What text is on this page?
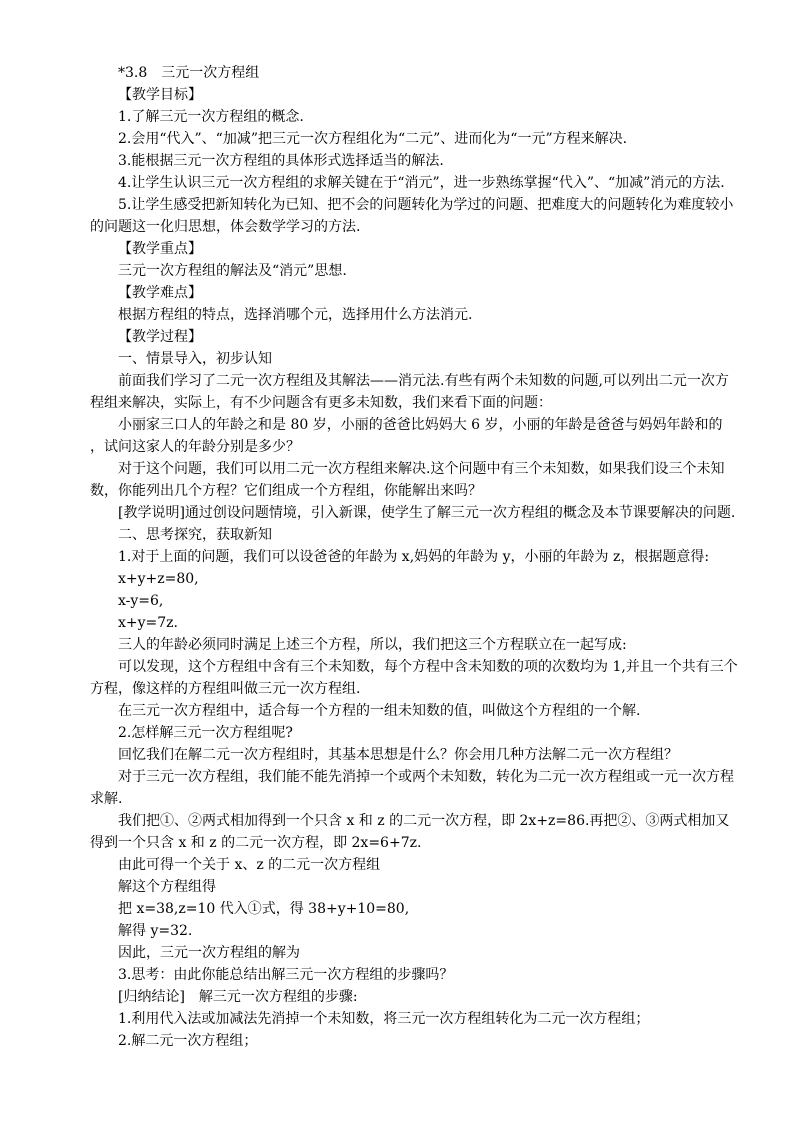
*3.8　三元一次方程组

【教学目标】

1.了解三元一次方程组的概念.

2.会用“代入”、“加减”把三元一次方程组化为“二元”、进而化为“一元”方程来解决.

3.能根据三元一次方程组的具体形式选择适当的解法.

4.让学生认识三元一次方程组的求解关键在于“消元”，进一步熟练掌握“代入”、“加减”消元的方法.

5.让学生感受把新知转化为已知、把不会的问题转化为学过的问题、把难度大的问题转化为难度较小的问题这一化归思想，体会数学学习的方法.

【教学重点】

三元一次方程组的解法及“消元”思想.

【教学难点】

根据方程组的特点，选择消哪个元，选择用什么方法消元.

【教学过程】

一、情景导入，初步认知

前面我们学习了二元一次方程组及其解法——消元法.有些有两个未知数的问题,可以列出二元一次方程组来解决，实际上，有不少问题含有更多未知数，我们来看下面的问题：

小丽家三口人的年龄之和是 80 岁，小丽的爸爸比妈妈大 6 岁，小丽的年龄是爸爸与妈妈年龄和的 ，试问这家人的年龄分别是多少？

对于这个问题，我们可以用二元一次方程组来解决.这个问题中有三个未知数，如果我们设三个未知数，你能列出几个方程？它们组成一个方程组，你能解出来吗？

[教学说明]通过创设问题情境，引入新课，使学生了解三元一次方程组的概念及本节课要解决的问题.

二、思考探究，获取新知

1.对于上面的问题，我们可以设爸爸的年龄为 x,妈妈的年龄为 y，小丽的年龄为 z，根据题意得:

x+y+z=80,

x-y=6,

x+y=7z.

三人的年龄必须同时满足上述三个方程，所以，我们把这三个方程联立在一起写成:

可以发现，这个方程组中含有三个未知数，每个方程中含未知数的项的次数均为 1,并且一个共有三个方程，像这样的方程组叫做三元一次方程组.

在三元一次方程组中，适合每一个方程的一组未知数的值，叫做这个方程组的一个解.

2.怎样解三元一次方程组呢?

回忆我们在解二元一次方程组时，其基本思想是什么？你会用几种方法解二元一次方程组？

对于三元一次方程组，我们能不能先消掉一个或两个未知数，转化为二元一次方程组或一元一次方程求解.

我们把①、②两式相加得到一个只含 x 和 z 的二元一次方程，即 2x+z=86.再把②、③两式相加又得到一个只含 x 和 z 的二元一次方程，即 2x=6+7z.

由此可得一个关于 x、z 的二元一次方程组

解这个方程组得

把 x=38,z=10 代入①式，得 38+y+10=80,

解得 y=32.

因此，三元一次方程组的解为

3.思考：由此你能总结出解三元一次方程组的步骤吗？

[归纳结论]　解三元一次方程组的步骤:

1.利用代入法或加减法先消掉一个未知数，将三元一次方程组转化为二元一次方程组；

2.解二元一次方程组；
